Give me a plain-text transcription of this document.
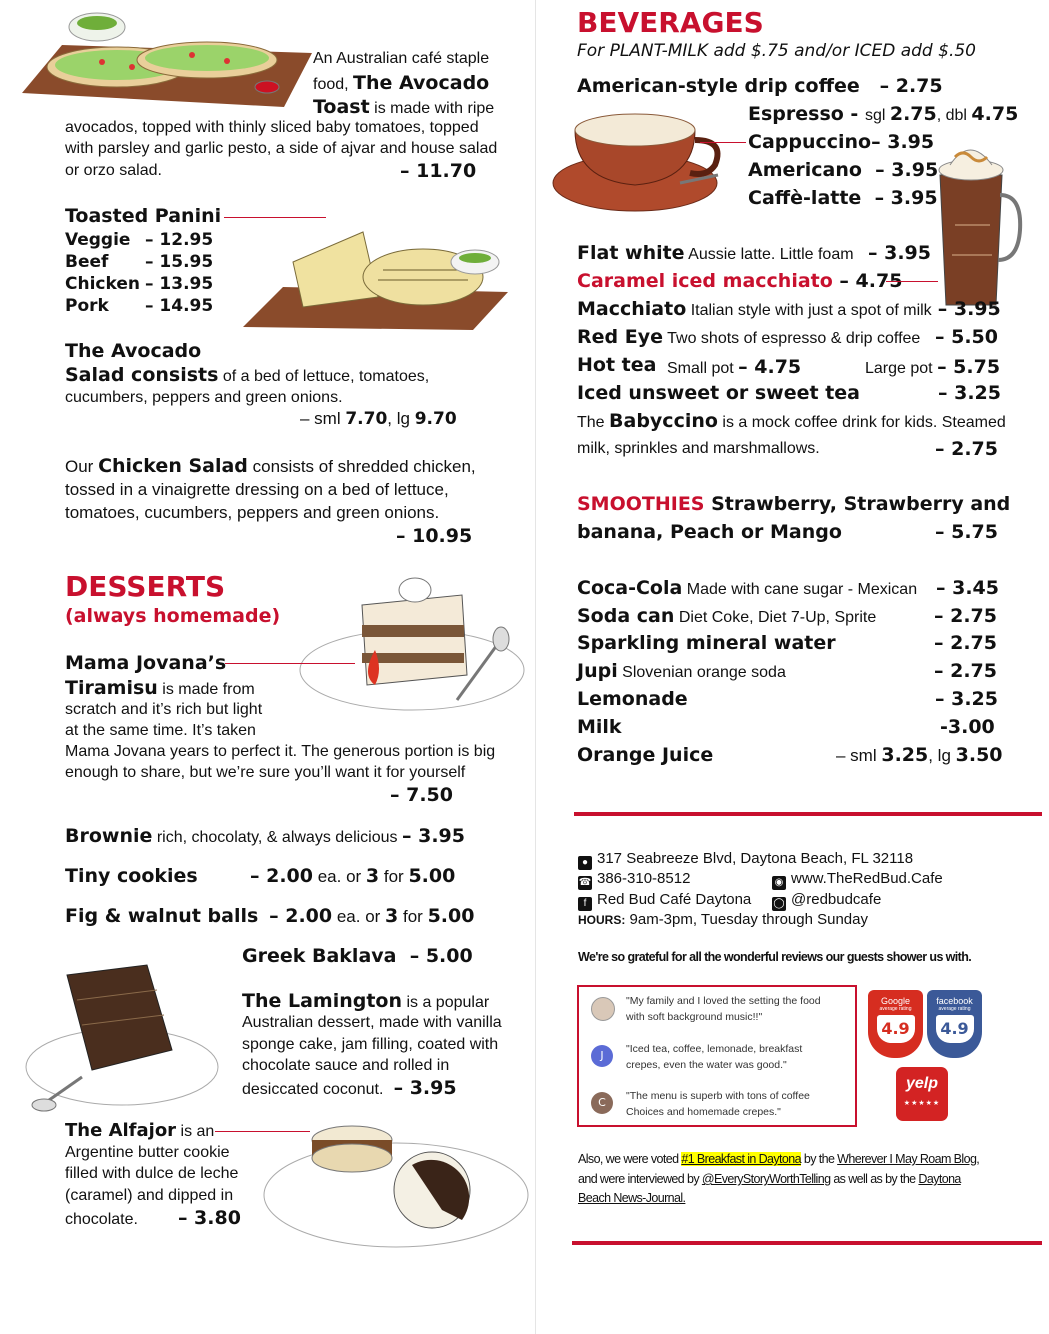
An Australian café staple
food, The Avocado
Toast is made with ripe
avocados, topped with thinly sliced baby tomatoes, topped
with parsley and garlic pesto, a side of ajvar and house salad
or orzo salad.	– 11.70
Toasted Panini
Veggie – 12.95
Beef – 15.95
Chicken – 13.95
Pork – 14.95
The Avocado
Salad consists of a bed of lettuce, tomatoes,
cucumbers, peppers and green onions.
– sml 7.70, lg 9.70
Our Chicken Salad consists of shredded chicken,
tossed in a vinaigrette dressing on a bed of lettuce,
tomatoes, cucumbers, peppers and green onions.
– 10.95
DESSERTS
(always homemade)
Mama Jovana’s
Tiramisu is made from
scratch and it’s rich but light
at the same time. It’s taken
Mama Jovana years to perfect it. The generous portion is big
enough to share, but we’re sure you’ll want it for yourself
– 7.50
Brownie rich, chocolaty, & always delicious – 3.95
Tiny cookies	– 2.00 ea. or 3 for 5.00
Fig & walnut balls – 2.00 ea. or 3 for 5.00
Greek Baklava – 5.00
The Lamington is a popular
Australian dessert, made with vanilla
sponge cake, jam filling, coated with
chocolate sauce and rolled in
desiccated coconut. – 3.95
The Alfajor is an
Argentine butter cookie
filled with dulce de leche
(caramel) and dipped in
chocolate. – 3.80
BEVERAGES
For PLANT-MILK add $.75 and/or ICED add $.50
American-style drip coffee – 2.75
Espresso - sgl 2.75, dbl 4.75
Cappuccino– 3.95
Americano – 3.95
Caffè-latte – 3.95
Flat white Aussie latte. Little foam – 3.95
Caramel iced macchiato – 4.75
Macchiato Italian style with just a spot of milk – 3.95
Red Eye Two shots of espresso & drip coffee – 5.50
Hot tea Small pot – 4.75	Large pot – 5.75
Iced unsweet or sweet tea	– 3.25
The Babyccino is a mock coffee drink for kids. Steamed
milk, sprinkles and marshmallows.	– 2.75
SMOOTHIES Strawberry, Strawberry and
banana, Peach or Mango	– 5.75
Coca-Cola Made with cane sugar - Mexican – 3.45
Soda can Diet Coke, Diet 7-Up, Sprite	– 2.75
Sparkling mineral water	– 2.75
Jupi Slovenian orange soda	– 2.75
Lemonade	– 3.25
Milk	-3.00
Orange Juice	– sml 3.25, lg 3.50
● 317 Seabreeze Blvd, Daytona Beach, FL 32118
☎ 386-310-8512	◉ www.TheRedBud.Cafe
f Red Bud Café Daytona ◯ @redbudcafe
HOURS: 9am-3pm, Tuesday through Sunday
We're so grateful for all the wonderful reviews our guests shower us with.
"My family and I loved the setting the food
with soft background music!!"
J	"Iced tea, coffee, lemonade, breakfast
crepes, even the water was good."
C	"The menu is superb with tons of coffee
Choices and homemade crepes."
Google
average rating
4.9
facebook
average rating
4.9
yelp
★★★★★
Also, we were voted #1 Breakfast in Daytona by the Wherever I May Roam Blog,
and were interviewed by @EveryStoryWorthTelling as well as by the Daytona
Beach News-Journal.
